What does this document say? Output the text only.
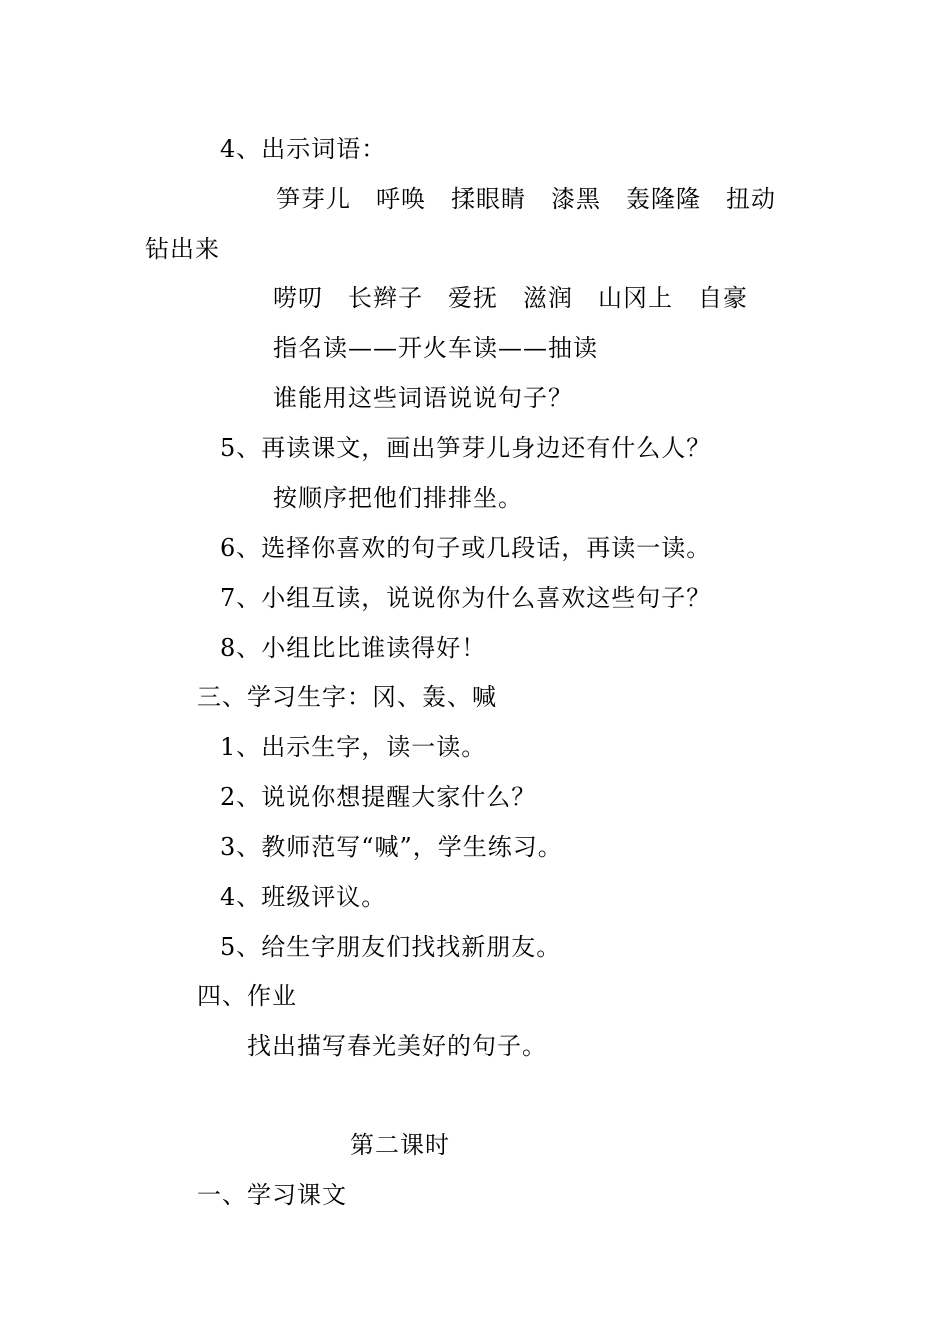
4、出示词语：
笋芽儿　呼唤　揉眼睛　漆黑　轰隆隆　扭动
钻出来
唠叨　长辫子　爱抚　滋润　山冈上　自豪
指名读——开火车读——抽读
谁能用这些词语说说句子？
5、再读课文，画出笋芽儿身边还有什么人？
按顺序把他们排排坐。
6、选择你喜欢的句子或几段话，再读一读。
7、小组互读，说说你为什么喜欢这些句子？
8、小组比比谁读得好！
三、学习生字：冈、轰、喊
1、出示生字，读一读。
2、说说你想提醒大家什么？
3、教师范写“喊”，学生练习。
4、班级评议。
5、给生字朋友们找找新朋友。
四、作业
找出描写春光美好的句子。
第二课时
一、学习课文
